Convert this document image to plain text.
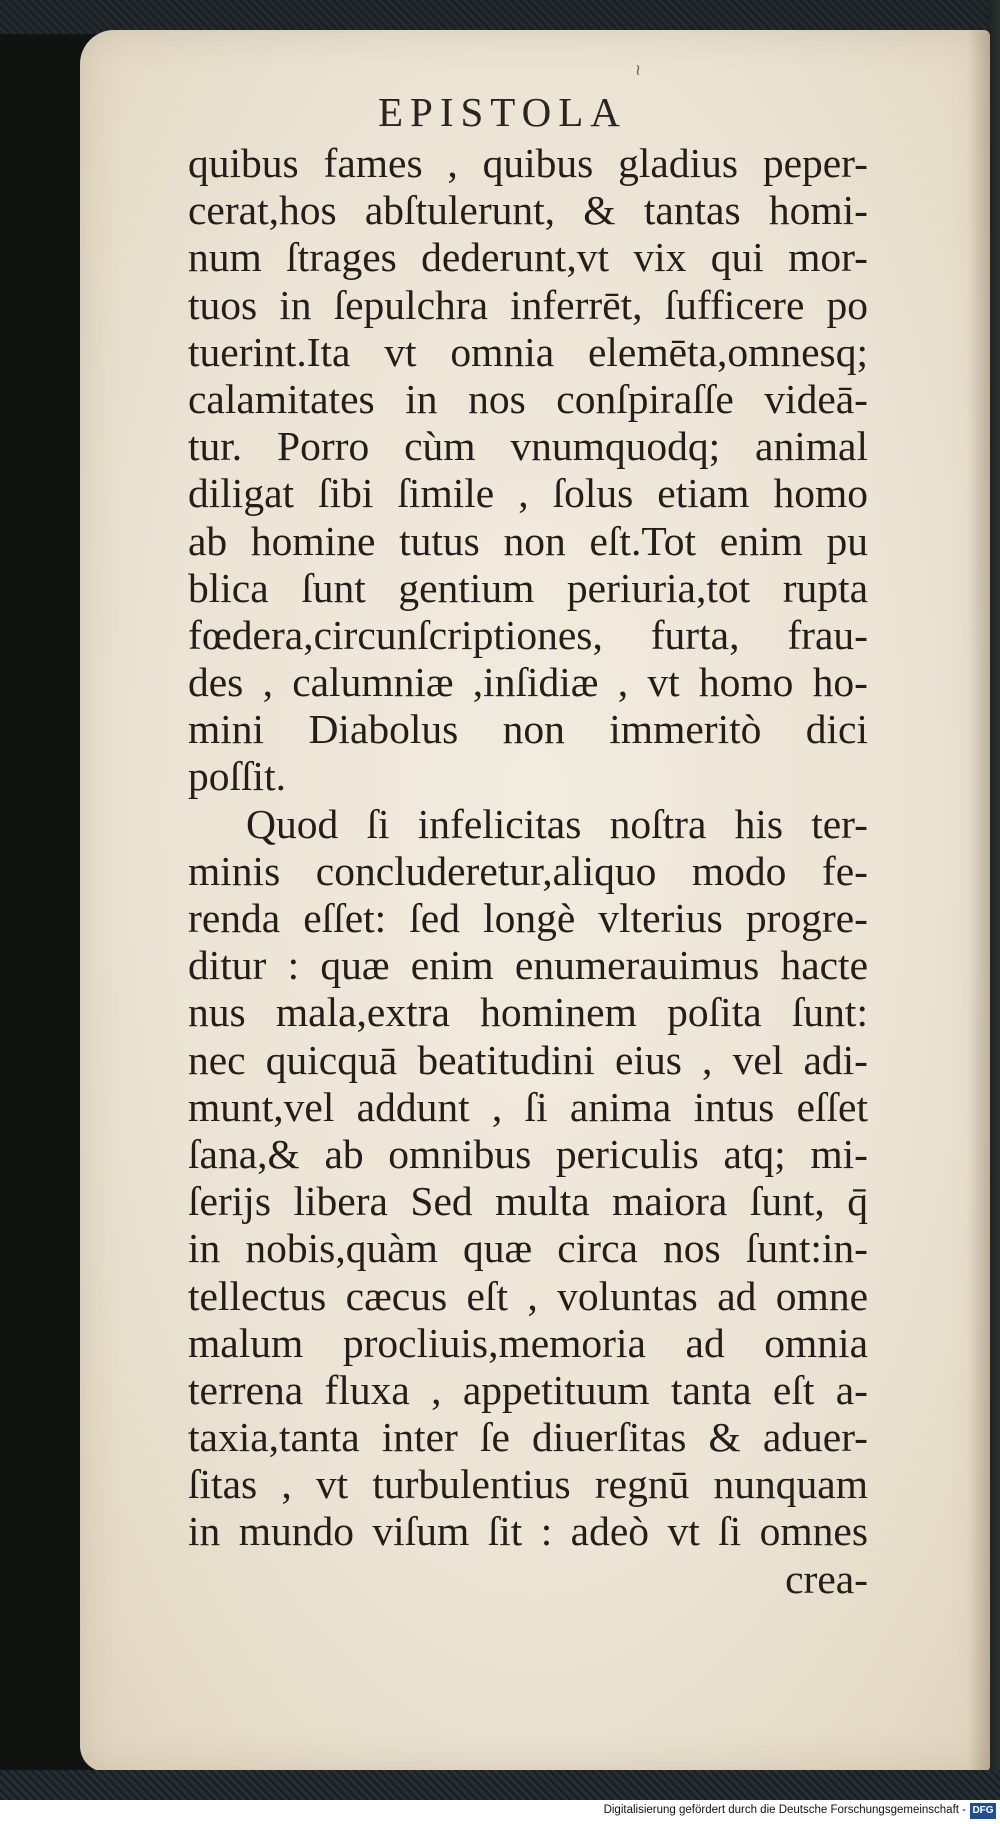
≀
EPISTOLA
quibus fames , quibus gladius peper-
cerat,hos abſtulerunt, & tantas homi-
num ſtrages dederunt,vt vix qui mor-
tuos in ſepulchra inferrēt, ſufficere po
tuerint.Ita vt omnia elemēta,omnesq;
calamitates in nos conſpiraſſe videā-
tur. Porro cùm vnumquodq; animal
diligat ſibi ſimile , ſolus etiam homo
ab homine tutus non eſt.Tot enim pu
blica ſunt gentium periuria,tot rupta
fœdera,circunſcriptiones, furta, frau-
des , calumniæ ,inſidiæ , vt homo ho-
mini Diabolus non immeritò dici
poſſit.
Quod ſi infelicitas noſtra his ter-
minis concluderetur,aliquo modo fe-
renda eſſet: ſed longè vlterius progre-
ditur : quæ enim enumerauimus hacte
nus mala,extra hominem poſita ſunt:
nec quicquā beatitudini eius , vel adi-
munt,vel addunt , ſi anima intus eſſet
ſana,& ab omnibus periculis atq; mi-
ſerijs libera Sed multa maiora ſunt, q̄
in nobis,quàm quæ circa nos ſunt:in-
tellectus cæcus eſt , voluntas ad omne
malum procliuis,memoria ad omnia
terrena fluxa , appetituum tanta eſt a-
taxia,tanta inter ſe diuerſitas & aduer-
ſitas , vt turbulentius regnū nunquam
in mundo viſum ſit : adeò vt ſi omnes
crea-
Digitalisierung gefördert durch die Deutsche Forschungsgemeinschaft - DFG
